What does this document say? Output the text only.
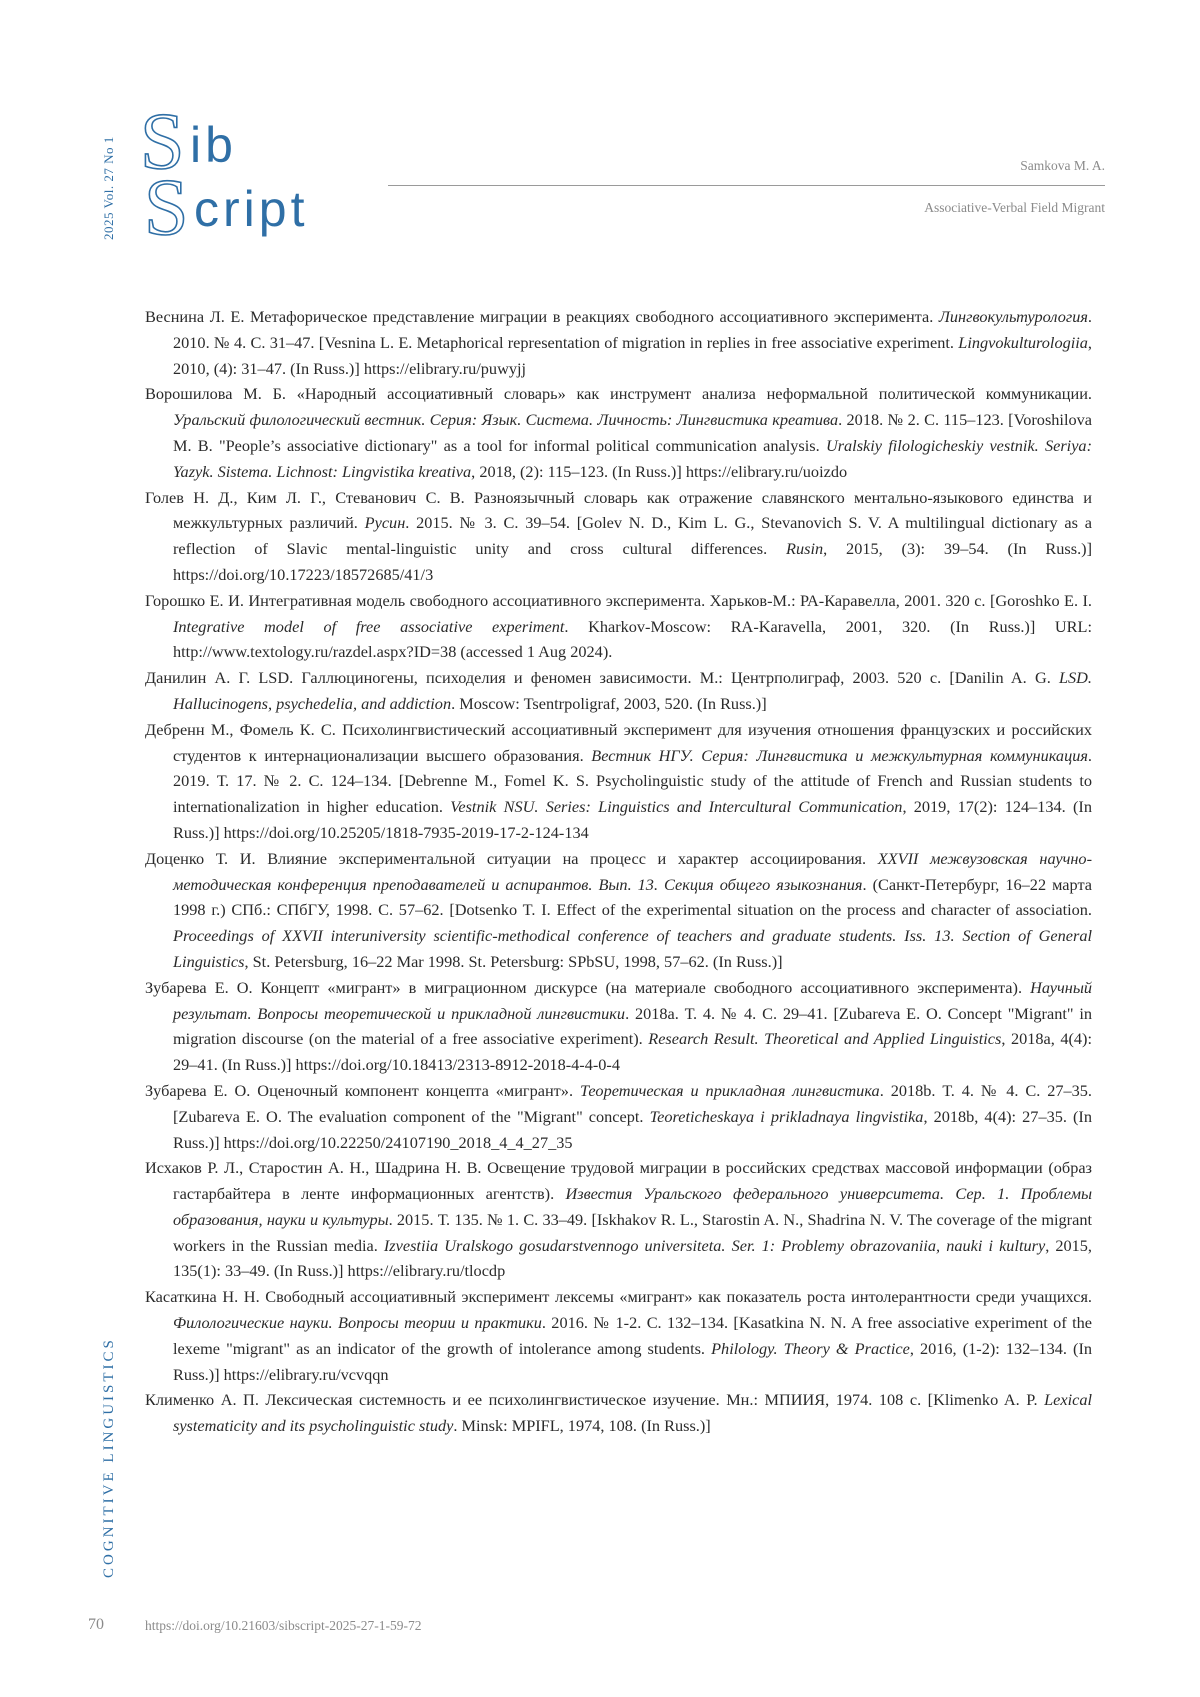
2025 Vol. 27 No 1
COGNITIVE LINGUISTICS
S
S
ib
cript
Samkova M. A.
Associative-Verbal Field Migrant

Веснина Л. Е. Метафорическое представление миграции в реакциях свободного ассоциативного эксперимента. Лингвокультурология. 2010. № 4. С. 31–47. [Vesnina L. E. Metaphorical representation of migration in replies in free associative experiment. Lingvokulturologiia, 2010, (4): 31–47. (In Russ.)] https://elibrary.ru/puwyjj

Ворошилова М. Б. «Народный ассоциативный словарь» как инструмент анализа неформальной политической коммуникации. Уральский филологический вестник. Серия: Язык. Система. Личность: Лингвистика креатива. 2018. № 2. С. 115–123. [Voroshilova M. B. "People’s associative dictionary" as a tool for informal political communication analysis. Uralskiy filologicheskiy vestnik. Seriya: Yazyk. Sistema. Lichnost: Lingvistika kreativa, 2018, (2): 115–123. (In Russ.)] https://elibrary.ru/uoizdo

Голев Н. Д., Ким Л. Г., Стеванович С. В. Разноязычный словарь как отражение славянского ментально-языкового единства и межкультурных различий. Русин. 2015. № 3. С. 39–54. [Golev N. D., Kim L. G., Stevanovich S. V. A multilingual dictionary as a reflection of Slavic mental-linguistic unity and cross cultural differences. Rusin, 2015, (3): 39–54. (In Russ.)] https://doi.org/10.17223/18572685/41/3

Горошко Е. И. Интегративная модель свободного ассоциативного эксперимента. Харьков-М.: РА-Каравелла, 2001. 320 с. [Goroshko E. I. Integrative model of free associative experiment. Kharkov-Moscow: RA-Karavella, 2001, 320. (In Russ.)] URL: http://www.textology.ru/razdel.aspx?ID=38 (accessed 1 Aug 2024).

Данилин А. Г. LSD. Галлюциногены, психоделия и феномен зависимости. М.: Центрполиграф, 2003. 520 с. [Danilin A. G. LSD. Hallucinogens, psychedelia, and addiction. Moscow: Tsentrpoligraf, 2003, 520. (In Russ.)]

Дебренн М., Фомель К. С. Психолингвистический ассоциативный эксперимент для изучения отношения французских и российских студентов к интернационализации высшего образования. Вестник НГУ. Серия: Лингвистика и межкультурная коммуникация. 2019. Т. 17. № 2. С. 124–134. [Debrenne M., Fomel K. S. Psycholinguistic study of the attitude of French and Russian students to internationalization in higher education. Vestnik NSU. Series: Linguistics and Intercultural Communication, 2019, 17(2): 124–134. (In Russ.)] https://doi.org/10.25205/1818-7935-2019-17-2-124-134

Доценко Т. И. Влияние экспериментальной ситуации на процесс и характер ассоциирования. XXVII межвузовская научно-методическая конференция преподавателей и аспирантов. Вып. 13. Секция общего языкознания. (Санкт-Петербург, 16–22 марта 1998 г.) СПб.: СПбГУ, 1998. С. 57–62. [Dotsenko T. I. Effect of the experimental situation on the process and character of association. Proceedings of XXVII interuniversity scientific-methodical conference of teachers and graduate students. Iss. 13. Section of General Linguistics, St. Petersburg, 16–22 Mar 1998. St. Petersburg: SPbSU, 1998, 57–62. (In Russ.)]

Зубарева Е. О. Концепт «мигрант» в миграционном дискурсе (на материале свободного ассоциативного эксперимента). Научный результат. Вопросы теоретической и прикладной лингвистики. 2018a. Т. 4. № 4. С. 29–41. [Zubareva E. O. Concept "Migrant" in migration discourse (on the material of a free associative experiment). Research Result. Theoretical and Applied Linguistics, 2018a, 4(4): 29–41. (In Russ.)] https://doi.org/10.18413/2313-8912-2018-4-4-0-4

Зубарева Е. О. Оценочный компонент концепта «мигрант». Теоретическая и прикладная лингвистика. 2018b. Т. 4. № 4. С. 27–35. [Zubareva E. O. The evaluation component of the "Migrant" concept. Teoreticheskaya i prikladnaya lingvistika, 2018b, 4(4): 27–35. (In Russ.)] https://doi.org/10.22250/24107190_2018_4_4_27_35

Исхаков Р. Л., Старостин А. Н., Шадрина Н. В. Освещение трудовой миграции в российских средствах массовой информации (образ гастарбайтера в ленте информационных агентств). Известия Уральского федерального университета. Сер. 1. Проблемы образования, науки и культуры. 2015. Т. 135. № 1. С. 33–49. [Iskhakov R. L., Starostin A. N., Shadrina N. V. The coverage of the migrant workers in the Russian media. Izvestiia Uralskogo gosudarstvennogo universiteta. Ser. 1: Problemy obrazovaniia, nauki i kultury, 2015, 135(1): 33–49. (In Russ.)] https://elibrary.ru/tlocdp

Касаткина Н. Н. Свободный ассоциативный эксперимент лексемы «мигрант» как показатель роста интолерантности среди учащихся. Филологические науки. Вопросы теории и практики. 2016. № 1-2. С. 132–134. [Kasatkina N. N. A free associative experiment of the lexeme "migrant" as an indicator of the growth of intolerance among students. Philology. Theory & Practice, 2016, (1-2): 132–134. (In Russ.)] https://elibrary.ru/vcvqqn

Клименко А. П. Лексическая системность и ее психолингвистическое изучение. Мн.: МПИИЯ, 1974. 108 с. [Klimenko A. P. Lexical systematicity and its psycholinguistic study. Minsk: MPIFL, 1974, 108. (In Russ.)]

70	https://doi.org/10.21603/sibscript-2025-27-1-59-72
